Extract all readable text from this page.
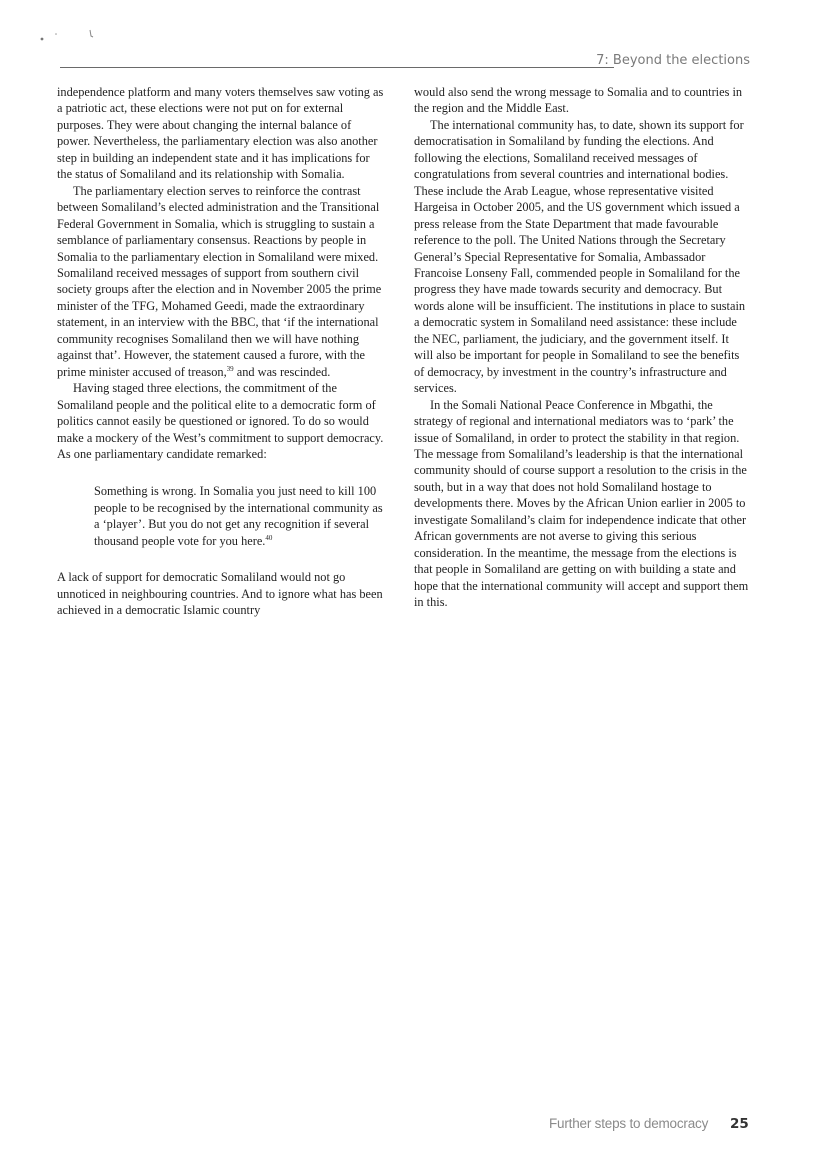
7: Beyond the elections

independence platform and many voters themselves saw voting as a patriotic act, these elections were not put on for external purposes. They were about changing the internal balance of power. Nevertheless, the parliamentary election was also another step in building an independent state and it has implications for the status of Somaliland and its relationship with Somalia.

The parliamentary election serves to reinforce the contrast between Somaliland’s elected administration and the Transitional Federal Government in Somalia, which is struggling to sustain a semblance of parliamentary consensus. Reactions by people in Somalia to the parliamentary election in Somaliland were mixed. Somaliland received messages of support from southern civil society groups after the election and in November 2005 the prime minister of the TFG, Mohamed Geedi, made the extraordinary statement, in an interview with the BBC, that ‘if the international community recognises Somaliland then we will have nothing against that’. However, the statement caused a furore, with the prime minister accused of treason,$^{39}$ and was rescinded.

Having staged three elections, the commitment of the Somaliland people and the political elite to a democratic form of politics cannot easily be questioned or ignored. To do so would make a mockery of the West’s commitment to support democracy. As one parliamentary candidate remarked:

Something is wrong. In Somalia you just need to kill 100 people to be recognised by the international community as a ‘player’. But you do not get any recognition if several thousand people vote for you here.$^{40}$

A lack of support for democratic Somaliland would not go unnoticed in neighbouring countries. And to ignore what has been achieved in a democratic Islamic country

would also send the wrong message to Somalia and to countries in the region and the Middle East.

The international community has, to date, shown its support for democratisation in Somaliland by funding the elections. And following the elections, Somaliland received messages of congratulations from several countries and international bodies. These include the Arab League, whose representative visited Hargeisa in October 2005, and the US government which issued a press release from the State Department that made favourable reference to the poll. The United Nations through the Secretary General’s Special Representative for Somalia, Ambassador Francoise Lonseny Fall, commended people in Somaliland for the progress they have made towards security and democracy. But words alone will be insufficient. The institutions in place to sustain a democratic system in Somaliland need assistance: these include the NEC, parliament, the judiciary, and the government itself. It will also be important for people in Somaliland to see the benefits of democracy, by investment in the country’s infrastructure and services.

In the Somali National Peace Conference in Mbgathi, the strategy of regional and international mediators was to ‘park’ the issue of Somaliland, in order to protect the stability in that region. The message from Somaliland’s leadership is that the international community should of course support a resolution to the crisis in the south, but in a way that does not hold Somaliland hostage to developments there. Moves by the African Union earlier in 2005 to investigate Somaliland’s claim for independence indicate that other African governments are not averse to giving this serious consideration. In the meantime, the message from the elections is that people in Somaliland are getting on with building a state and hope that the international community will accept and support them in this.

Further steps to democracy 25
